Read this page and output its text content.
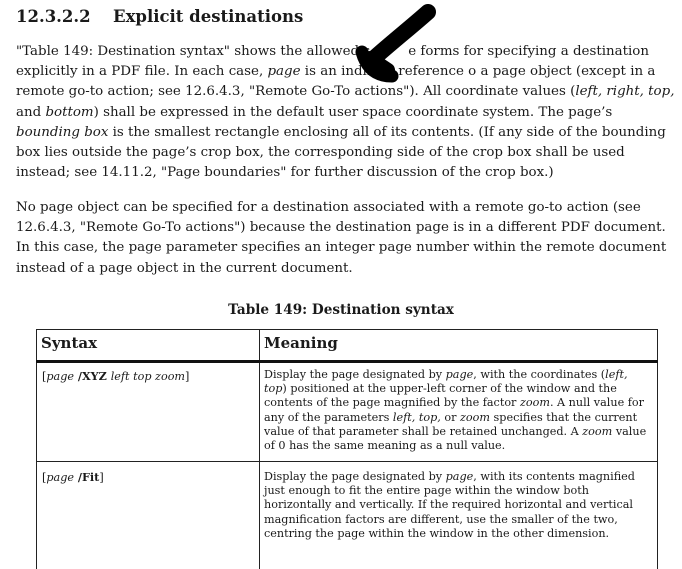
12.3.2.2 Explicit destinations

"Table 149: Destination syntax" shows the allowed s	e forms for specifying a destination explicitly in a PDF file. In each case, page is an indirect reference o a page object (except in a remote go-to action; see 12.6.4.3, "Remote Go-To actions"). All coordinate values (left, right, top, and bottom) shall be expressed in the default user space coordinate system. The page’s bounding box is the smallest rectangle enclosing all of its contents. (If any side of the bounding box lies outside the page’s crop box, the corresponding side of the crop box shall be used instead; see 14.11.2, "Page boundaries" for further discussion of the crop box.)

No page object can be specified for a destination associated with a remote go-to action (see 12.6.4.3, "Remote Go-To actions") because the destination page is in a different PDF document. In this case, the page parameter specifies an integer page number within the remote document instead of a page object in the current document.

Table 149: Destination syntax
Syntax	Meaning
[page /XYZ left top zoom]	Display the page designated by page, with the coordinates (left, top) positioned at the upper-left corner of the window and the contents of the page magnified by the factor zoom. A null value for any of the parameters left, top, or zoom specifies that the current value of that parameter shall be retained unchanged. A zoom value of 0 has the same meaning as a null value.
[page /Fit]	Display the page designated by page, with its contents magnified just enough to fit the entire page within the window both horizontally and vertically. If the required horizontal and vertical magnification factors are different, use the smaller of the two, centring the page within the window in the other dimension.
